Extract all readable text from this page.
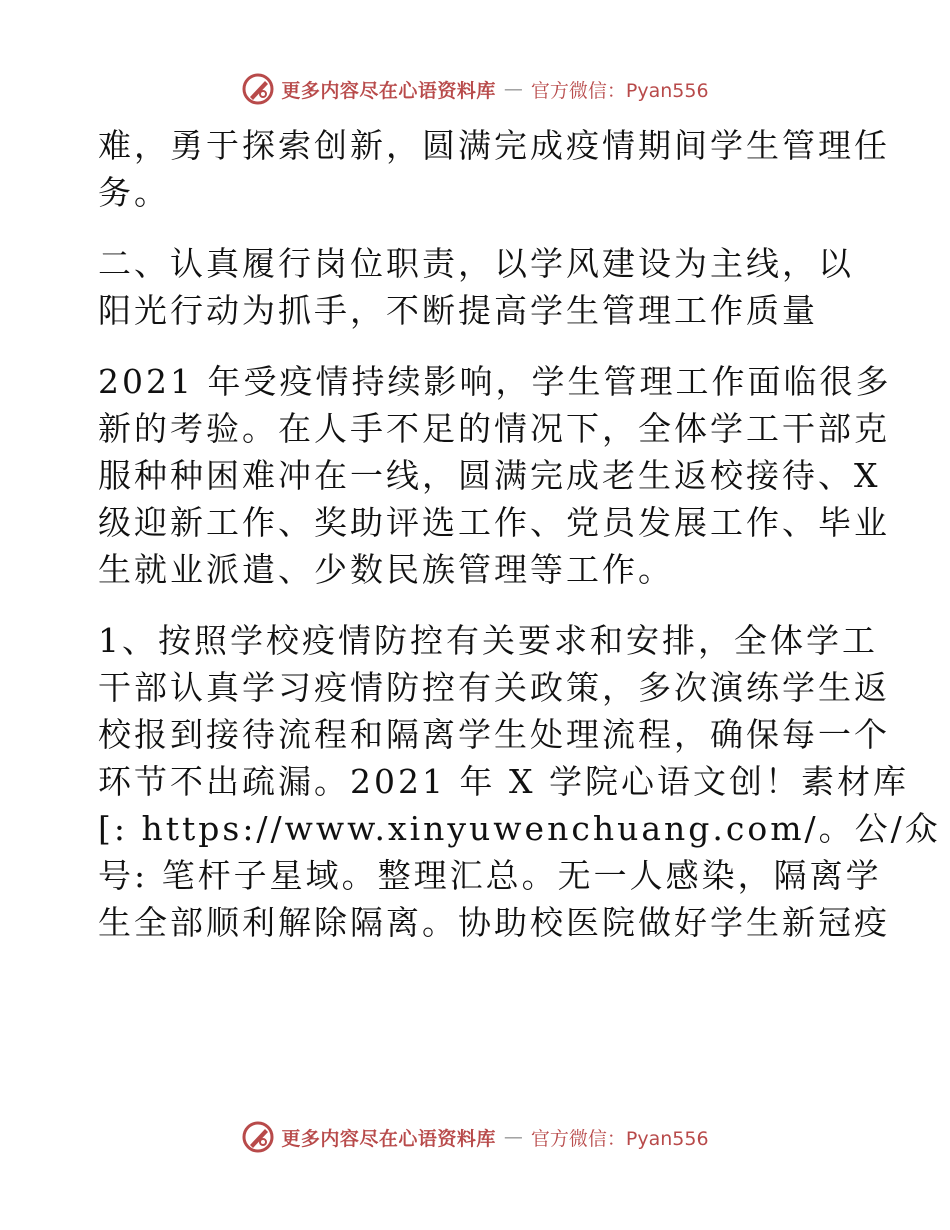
更多内容尽在心语资料库 — 官方微信：Pyan556

难，勇于探索创新，圆满完成疫情期间学生管理任
务。

二、认真履行岗位职责，以学风建设为主线，以
阳光行动为抓手，不断提高学生管理工作质量

2021 年受疫情持续影响，学生管理工作面临很多
新的考验。在人手不足的情况下，全体学工干部克
服种种困难冲在一线，圆满完成老生返校接待、X
级迎新工作、奖助评选工作、党员发展工作、毕业
生就业派遣、少数民族管理等工作。

1、按照学校疫情防控有关要求和安排，全体学工
干部认真学习疫情防控有关政策，多次演练学生返
校报到接待流程和隔离学生处理流程，确保每一个
环节不出疏漏。2021 年 X 学院心语文创！素材库
[: https://www.xinyuwenchuang.com/。公/众
号: 笔杆子星域。整理汇总。无一人感染，隔离学
生全部顺利解除隔离。协助校医院做好学生新冠疫

更多内容尽在心语资料库 — 官方微信：Pyan556
